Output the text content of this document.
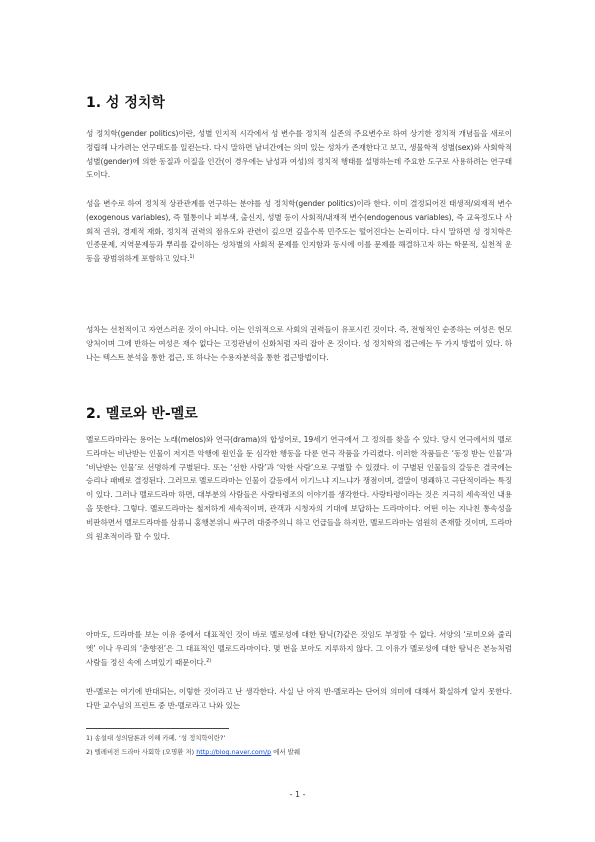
1. 성 정치학
성 정치학(gender politics)이란, 성별 인지적 시각에서 성 변수를 정치적 실존의 주요변수로 하여 상기한 정치적 개념들을 새로이 정립해 나가려는 연구태도를 일컫는다. 다시 말하면 남녀간에는 의미 있는 성차가 존재한다고 보고, 생물학적 성별(sex)와 사회학적 성별(gender)에 의한 동질과 이질을 인간(이 경우에는 남성과 여성)의 정치적 행태를 설명하는데 주요한 도구로 사용하려는 연구태도이다.
성을 변수로 하여 정치적 상관관계를 연구하는 분야를 성 정치학(gender politics)이라 한다. 이미 결정되어진 태생적/외재적 변수(exogenous variables), 즉 혈통이나 피부색, 출신지, 성별 등이 사회적/내재적 변수(endogenous variables), 즉 교육정도나 사회적 권위, 경제적 재화, 정치적 권력의 점유도와 관련이 깊으면 깊을수록 민주도는 떨어진다는 논리이다. 다시 말하면 성 정치학은 인종문제, 지역문제등과 뿌리를 같이하는 성차별의 사회적 문제를 인지함과 동시에 이를 문제를 해결하고자 하는 학문적, 실천적 운동을 광범위하게 포함하고 있다.$^{1)}$
성차는 선천적이고 자연스러운 것이 아니다. 이는 인위적으로 사회의 권력들이 유포시킨 것이다. 즉, 전형적인 순종하는 여성은 현모양처이며 그에 반하는 여성은 재수 없다는 고정관념이 신화처럼 자리 잡아 온 것이다. 성 정치학의 접근에는 두 가지 방법이 있다. 하나는 텍스트 분석을 통한 접근, 또 하나는 수용자분석을 통한 접근방법이다.
2. 멜로와 반-멜로
멜로드라마라는 용어는 노래(melos)와 연극(drama)의 합성어로, 19세기 연극에서 그 정의를 찾을 수 있다. 당시 연극에서의 멜로드라마는 비난받는 인물이 저지른 악행에 원인을 둔 심각한 행동을 다룬 연극 작품을 가리켰다. 이러한 작품들은 ‘동정 받는 인물’과 ‘비난받는 인물’로 선명하게 구별된다. 또는 ‘선한 사람’과 ‘악한 사람’으로 구별할 수 있겠다. 이 구별된 인물들의 갈등은 결국에는 승리나 패배로 결정된다. 그러므로 멜로드라마는 인물이 갈등에서 이기느냐 지느냐가 쟁점이며, 결말이 명쾌하고 극단적이라는 특징이 있다. 그러나 멜로드라마 하면, 대부분의 사람들은 사랑타령조의 이야기를 생각한다. 사랑타령이라는 것은 지극히 세속적인 내용을 뜻한다. 그렇다. 멜로드라마는 철저하게 세속적이며, 관객과 시청자의 기대에 보답하는 드라마이다. 어떤 이는 지나친 통속성을 비판하면서 멜로드라마를 삼류니 홍행본위니 싸구려 대중주의니 하고 언급들을 하지만, 멜로드라마는 엄원히 존재할 것이며, 드라마의 원초적이라 할 수 있다.
아마도, 드라마를 보는 이유 중에서 대표적인 것이 바로 멜로성에 대한 탐닉(?)같은 것임도 부정할 수 없다. 서양의 ‘로미오와 줄리엣’ 이나 우리의 ‘춘향전’은 그 대표적인 멜로드라마이다. 몇 번을 보아도 지루하지 않다. 그 이유가 멜로성에 대한 탐닉은 본능처럼 사람들 정신 속에 스며있기 때문이다.$^{2)}$
반-멜로는 여기에 반대되는, 이렇한 것이라고 난 생각한다. 사실 난 아직 반-멜로라는 단어의 의미에 대해서 확실하게 알지 못한다. 다만 교수님의 프린트 중 반-멜로라고 나와 있는
1) 송설대 성의담론과 이해 카페, ‘성 정치학이란?’
2) 텔레비전 드라마 사회학 (오명환 저) http://blog.naver.com/p 에서 발췌
- 1 -
